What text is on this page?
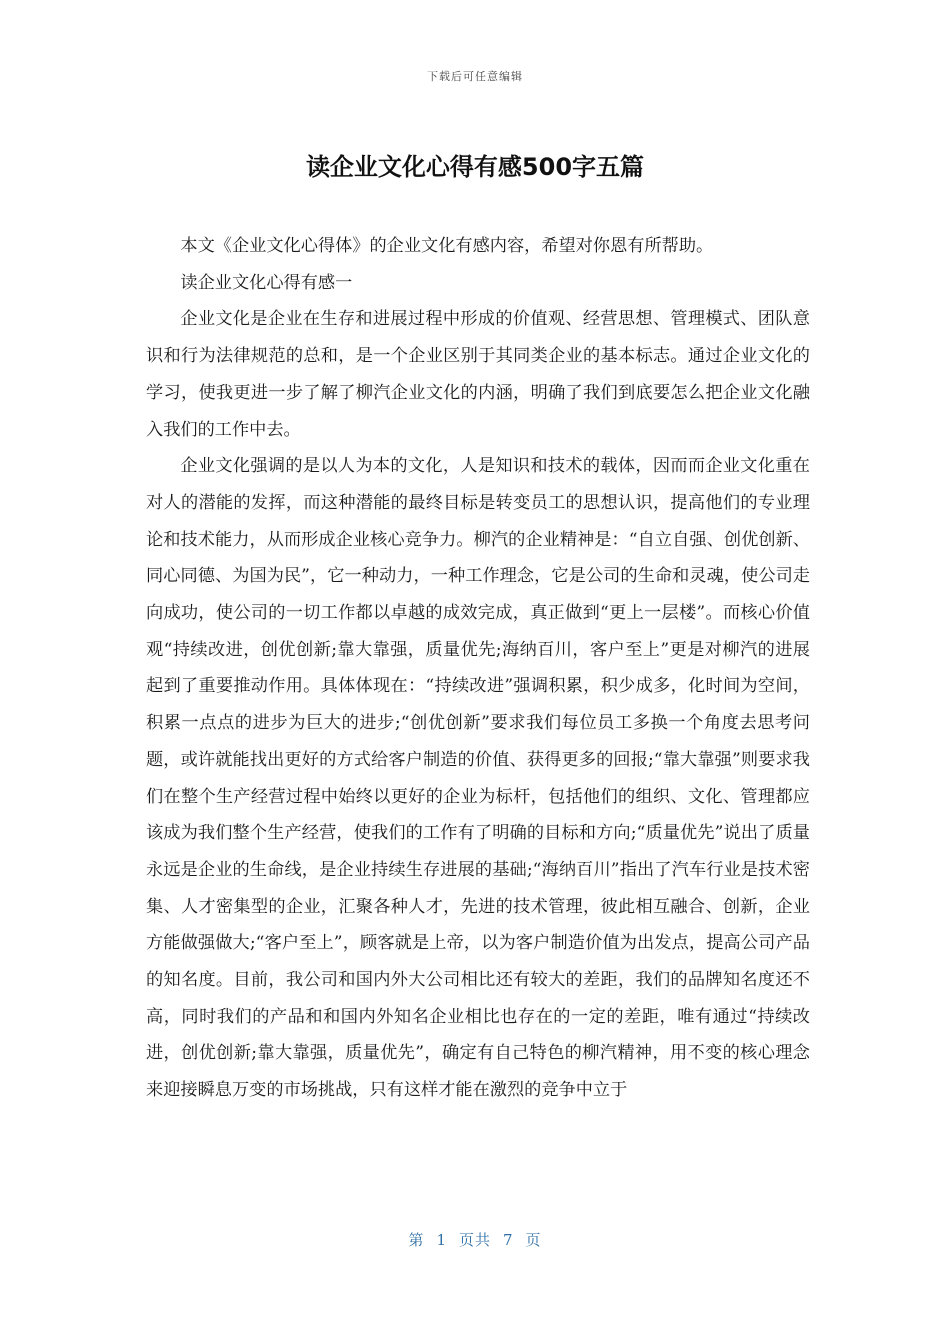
下载后可任意编辑
读企业文化心得有感500字五篇

本文《企业文化心得体》的企业文化有感内容，希望对你恩有所帮助。

读企业文化心得有感一

企业文化是企业在生存和进展过程中形成的价值观、经营思想、管理模式、团队意识和行为法律规范的总和，是一个企业区别于其同类企业的基本标志。通过企业文化的学习，使我更进一步了解了柳汽企业文化的内涵，明确了我们到底要怎么把企业文化融入我们的工作中去。

企业文化强调的是以人为本的文化，人是知识和技术的载体，因而而企业文化重在对人的潜能的发挥，而这种潜能的最终目标是转变员工的思想认识，提高他们的专业理论和技术能力，从而形成企业核心竞争力。柳汽的企业精神是：“自立自强、创优创新、同心同德、为国为民”，它一种动力，一种工作理念，它是公司的生命和灵魂，使公司走向成功，使公司的一切工作都以卓越的成效完成，真正做到“更上一层楼”。而核心价值观“持续改进，创优创新;靠大靠强，质量优先;海纳百川，客户至上”更是对柳汽的进展起到了重要推动作用。具体体现在：“持续改进”强调积累，积少成多，化时间为空间，积累一点点的进步为巨大的进步;“创优创新”要求我们每位员工多换一个角度去思考问题，或许就能找出更好的方式给客户制造的价值、获得更多的回报;“靠大靠强”则要求我们在整个生产经营过程中始终以更好的企业为标杆，包括他们的组织、文化、管理都应该成为我们整个生产经营，使我们的工作有了明确的目标和方向;“质量优先”说出了质量永远是企业的生命线，是企业持续生存进展的基础;“海纳百川”指出了汽车行业是技术密集、人才密集型的企业，汇聚各种人才，先进的技术管理，彼此相互融合、创新，企业方能做强做大;“客户至上”，顾客就是上帝，以为客户制造价值为出发点，提高公司产品的知名度。目前，我公司和国内外大公司相比还有较大的差距，我们的品牌知名度还不高，同时我们的产品和和国内外知名企业相比也存在的一定的差距，唯有通过“持续改进，创优创新;靠大靠强，质量优先”，确定有自己特色的柳汽精神，用不变的核心理念来迎接瞬息万变的市场挑战，只有这样才能在激烈的竞争中立于

第 1 页共 7 页
